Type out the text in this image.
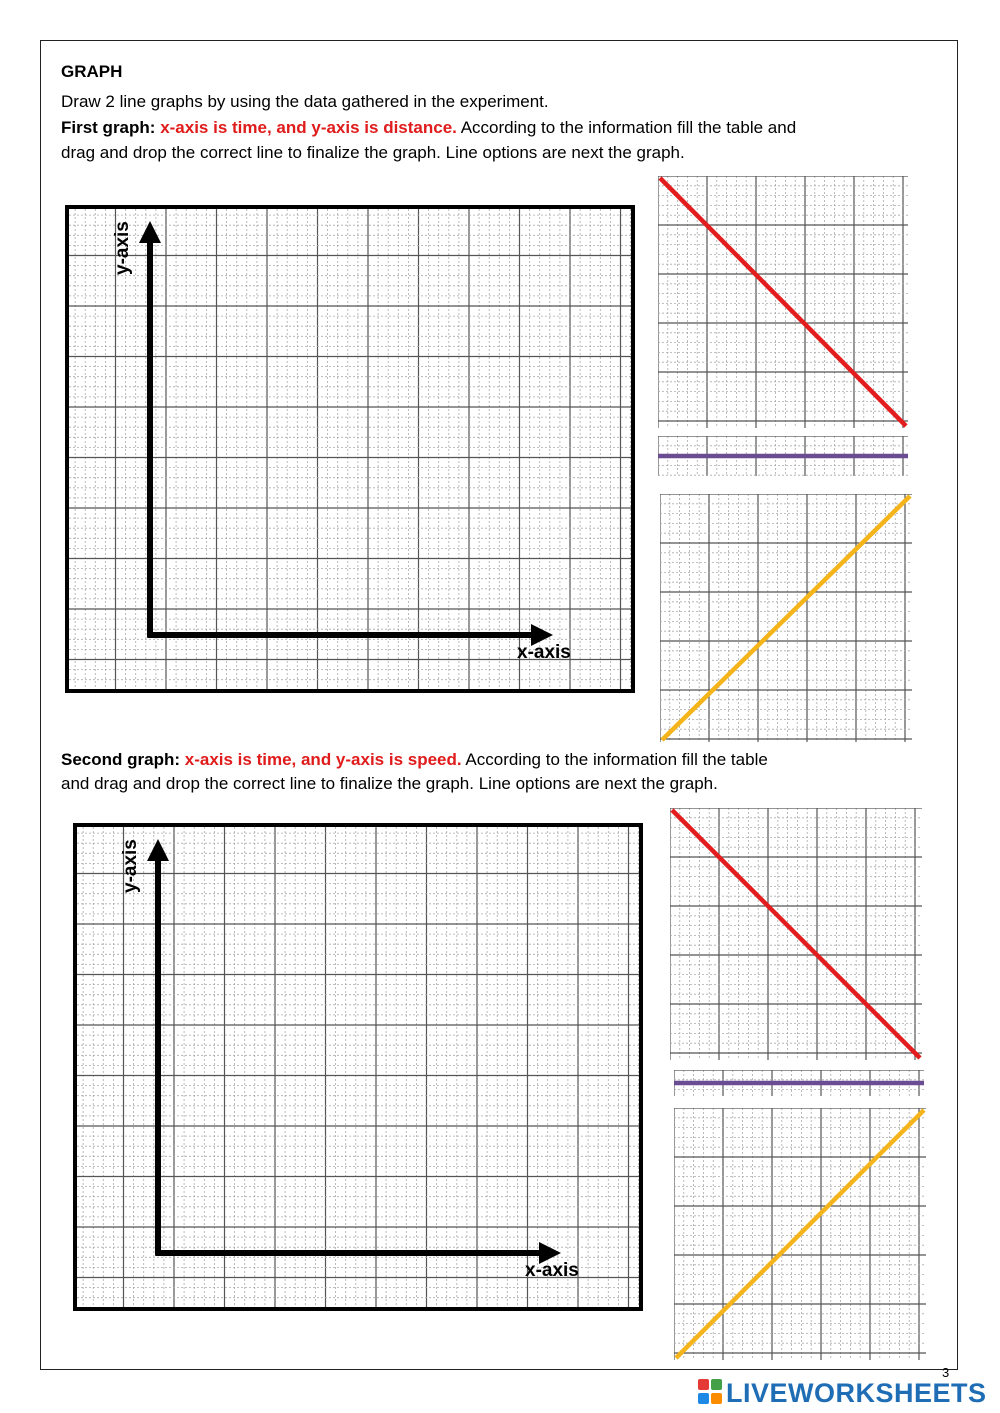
GRAPH
Draw 2 line graphs by using the data gathered in the experiment.
First graph: x-axis is time, and y-axis is distance. According to the information fill the table and
drag and drop the correct line to finalize the graph. Line options are next the graph.
x-axis
y-axis
Second graph: x-axis is time, and y-axis is speed. According to the information fill the table
and drag and drop the correct line to finalize the graph. Line options are next the graph.
x-axis
y-axis
3
LIVEWORKSHEETS
